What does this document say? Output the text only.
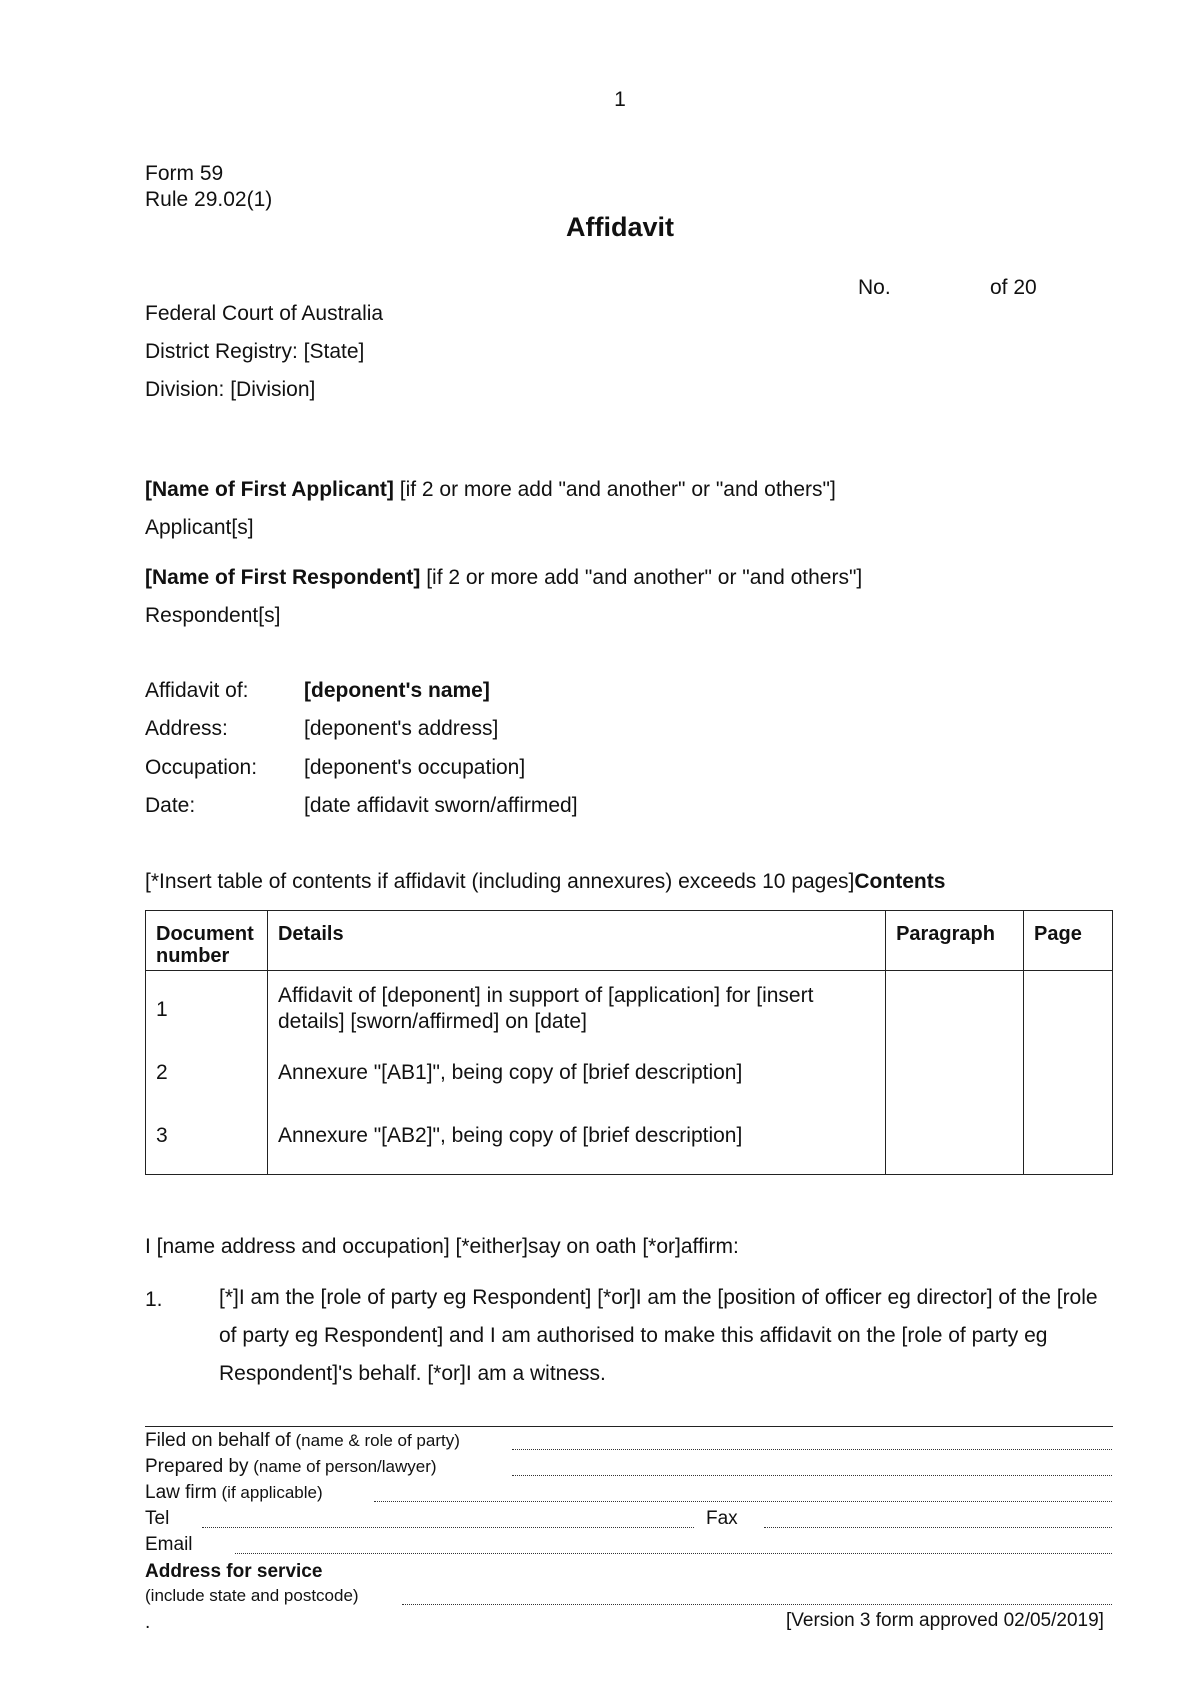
1
Form 59
Rule 29.02(1)
Affidavit
No.	of 20
Federal Court of Australia
District Registry: [State]
Division: [Division]
[Name of First Applicant] [if 2 or more add "and another" or "and others"]
Applicant[s]
[Name of First Respondent] [if 2 or more add "and another" or "and others"]
Respondent[s]
Affidavit of:	[deponent's name]
Address:	[deponent's address]
Occupation: [deponent's occupation]
Date:	[date affidavit sworn/affirmed]
[*Insert table of contents if affidavit (including annexures) exceeds 10 pages]Contents
Document number	Details	Paragraph	Page
1	Affidavit of [deponent] in support of [application] for [insert details] [sworn/affirmed] on [date]		
2	Annexure "[AB1]", being copy of [brief description]		
3	Annexure "[AB2]", being copy of [brief description]		
I [name address and occupation] [*either]say on oath [*or]affirm:
1.	[*]I am the [role of party eg Respondent] [*or]I am the [position of officer eg director] of the [role of party eg Respondent] and I am authorised to make this affidavit on the [role of party eg Respondent]'s behalf. [*or]I am a witness.
Filed on behalf of (name & role of party)
Prepared by (name of person/lawyer)
Law firm (if applicable)
Tel	Fax
Email
Address for service
(include state and postcode)
.	[Version 3 form approved 02/05/2019]
